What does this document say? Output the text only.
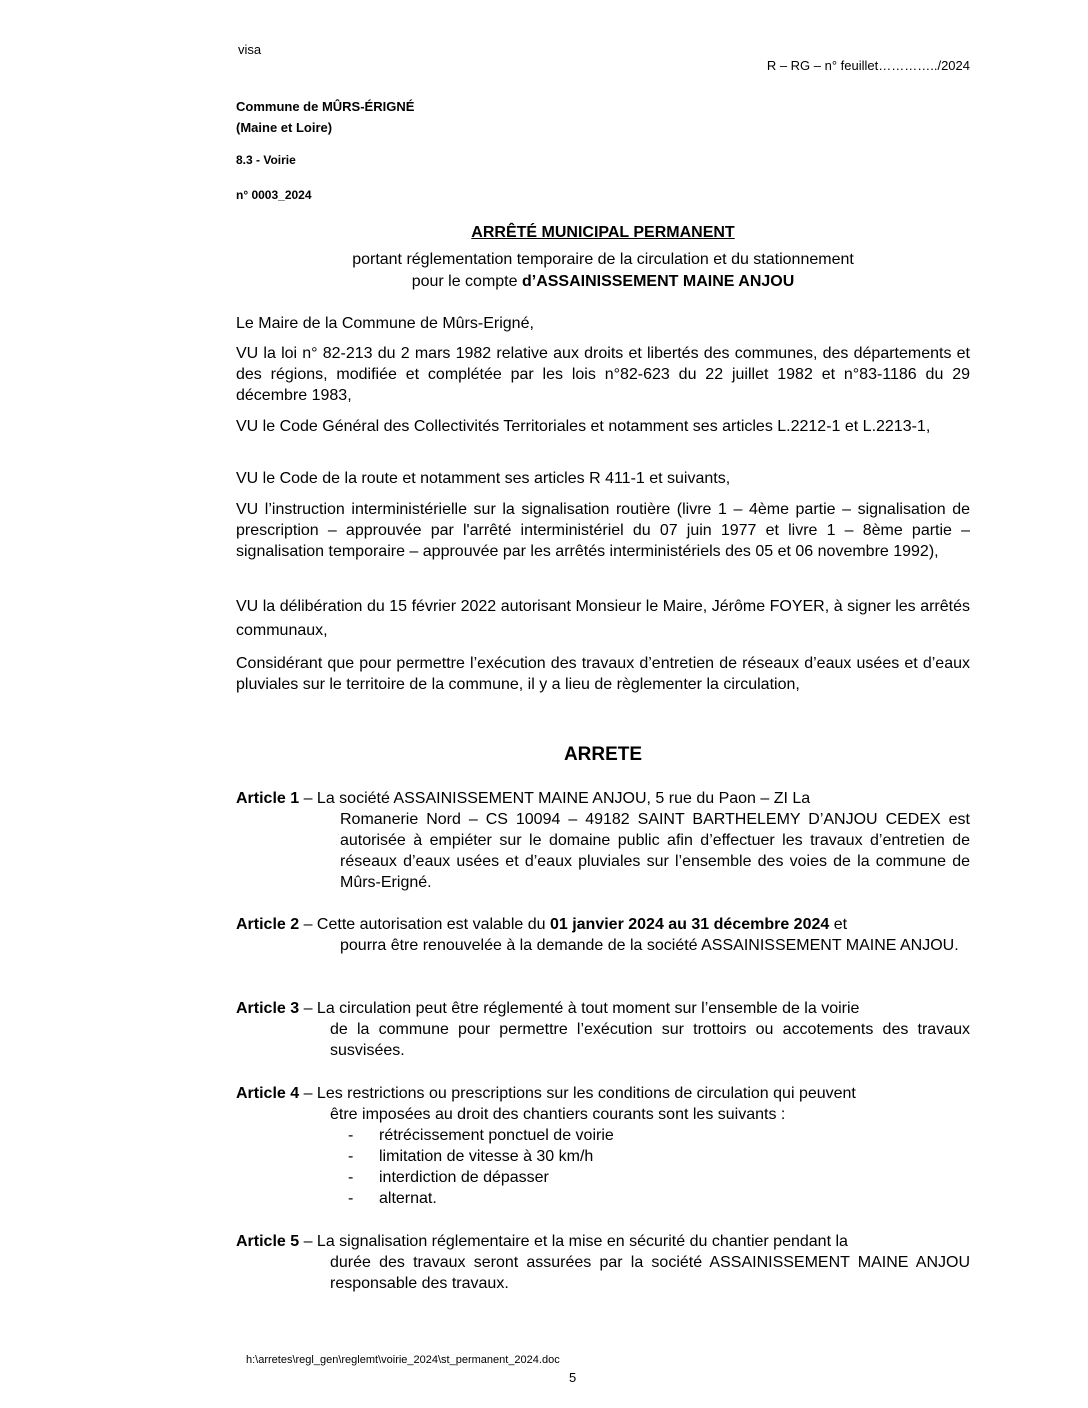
visa
R – RG – n° feuillet…………../2024
Commune de MÛRS-ÉRIGNÉ
(Maine et Loire)
8.3 - Voirie
n° 0003_2024
ARRÊTÉ MUNICIPAL PERMANENT
portant réglementation temporaire de la circulation et du stationnement
pour le compte d’ASSAINISSEMENT MAINE ANJOU
Le Maire de la Commune de Mûrs-Erigné,
VU la loi n° 82-213 du 2 mars 1982 relative aux droits et libertés des communes, des départements et des régions, modifiée et complétée par les lois n°82-623 du 22 juillet 1982 et n°83-1186 du 29 décembre 1983,
VU le Code Général des Collectivités Territoriales et notamment ses articles L.2212-1 et L.2213-1,
VU le Code de la route et notamment ses articles R 411-1 et suivants,
VU l’instruction interministérielle sur la signalisation routière (livre 1 – 4ème partie – signalisation de prescription – approuvée par l'arrêté interministériel du 07 juin 1977 et livre 1 – 8ème partie – signalisation temporaire – approuvée par les arrêtés interministériels des 05 et 06 novembre 1992),
VU la délibération du 15 février 2022 autorisant Monsieur le Maire, Jérôme FOYER, à signer les arrêtés communaux,
Considérant que pour permettre l’exécution des travaux d’entretien de réseaux d’eaux usées et d’eaux pluviales sur le territoire de la commune, il y a lieu de règlementer la circulation,
ARRETE
Article 1 – La société ASSAINISSEMENT MAINE ANJOU, 5 rue du Paon – ZI La
Romanerie Nord – CS 10094 – 49182 SAINT BARTHELEMY D’ANJOU CEDEX est autorisée à empiéter sur le domaine public afin d’effectuer les travaux d’entretien de réseaux d’eaux usées et d’eaux pluviales sur l’ensemble des voies de la commune de Mûrs-Erigné.
Article 2 – Cette autorisation est valable du 01 janvier 2024 au 31 décembre 2024 et
pourra être renouvelée à la demande de la société ASSAINISSEMENT MAINE ANJOU.
Article 3 – La circulation peut être réglementé à tout moment sur l’ensemble de la voirie
de la commune pour permettre l’exécution sur trottoirs ou accotements des travaux susvisées.
Article 4 – Les restrictions ou prescriptions sur les conditions de circulation qui peuvent
être imposées au droit des chantiers courants sont les suivants :
- rétrécissement ponctuel de voirie
- limitation de vitesse à 30 km/h
- interdiction de dépasser
- alternat.
Article 5 – La signalisation réglementaire et la mise en sécurité du chantier pendant la
durée des travaux seront assurées par la société ASSAINISSEMENT MAINE ANJOU responsable des travaux.
h:\arretes\regl_gen\reglemt\voirie_2024\st_permanent_2024.doc
5
